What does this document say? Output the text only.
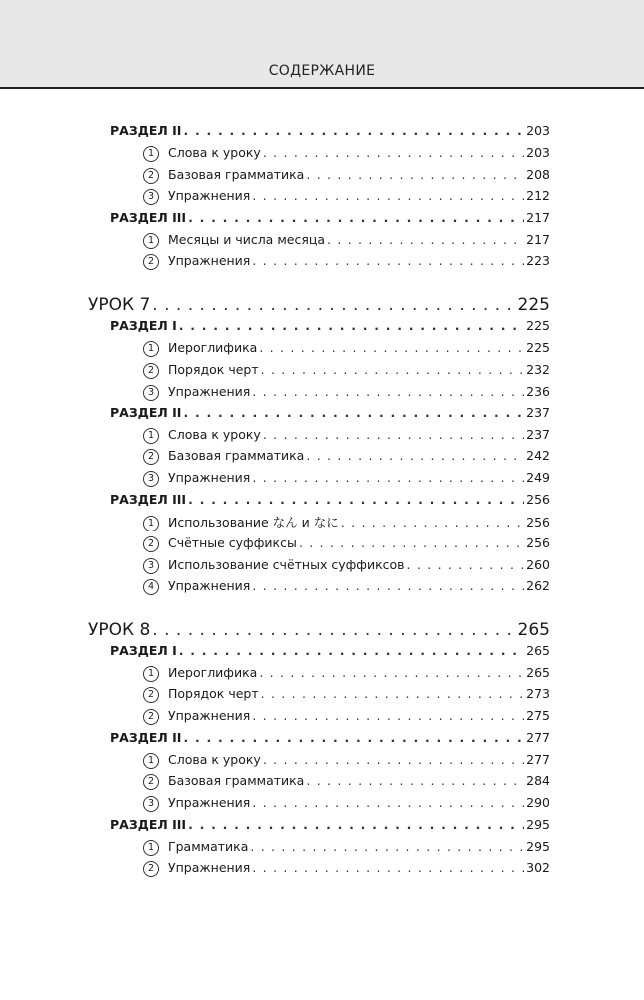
СОДЕРЖАНИЕ
РАЗДЕЛ II . . .	203
1 Слова к уроку . . .	203
2 Базовая грамматика . . .	208
3 Упражнения . . .	212
РАЗДЕЛ III . . .	217
1 Месяцы и числа месяца . . .	217
2 Упражнения . . .	223
УРОК 7 . . .	225
РАЗДЕЛ I . . .	225
1 Иероглифика . . .	225
2 Порядок черт . . .	232
3 Упражнения . . .	236
РАЗДЕЛ II . . .	237
1 Слова к уроку . . .	237
2 Базовая грамматика . . .	242
3 Упражнения . . .	249
РАЗДЕЛ III . . .	256
1 Использование なん и なに . . .	256
2 Счётные суффиксы . . .	256
3 Использование счётных суффиксов . . .	260
4 Упражнения . . .	262
УРОК 8 . . .	265
РАЗДЕЛ I . . .	265
1 Иероглифика . . .	265
2 Порядок черт . . .	273
2 Упражнения . . .	275
РАЗДЕЛ II . . .	277
1 Слова к уроку . . .	277
2 Базовая грамматика . . .	284
3 Упражнения . . .	290
РАЗДЕЛ III . . .	295
1 Грамматика . . .	295
2 Упражнения . . .	302
